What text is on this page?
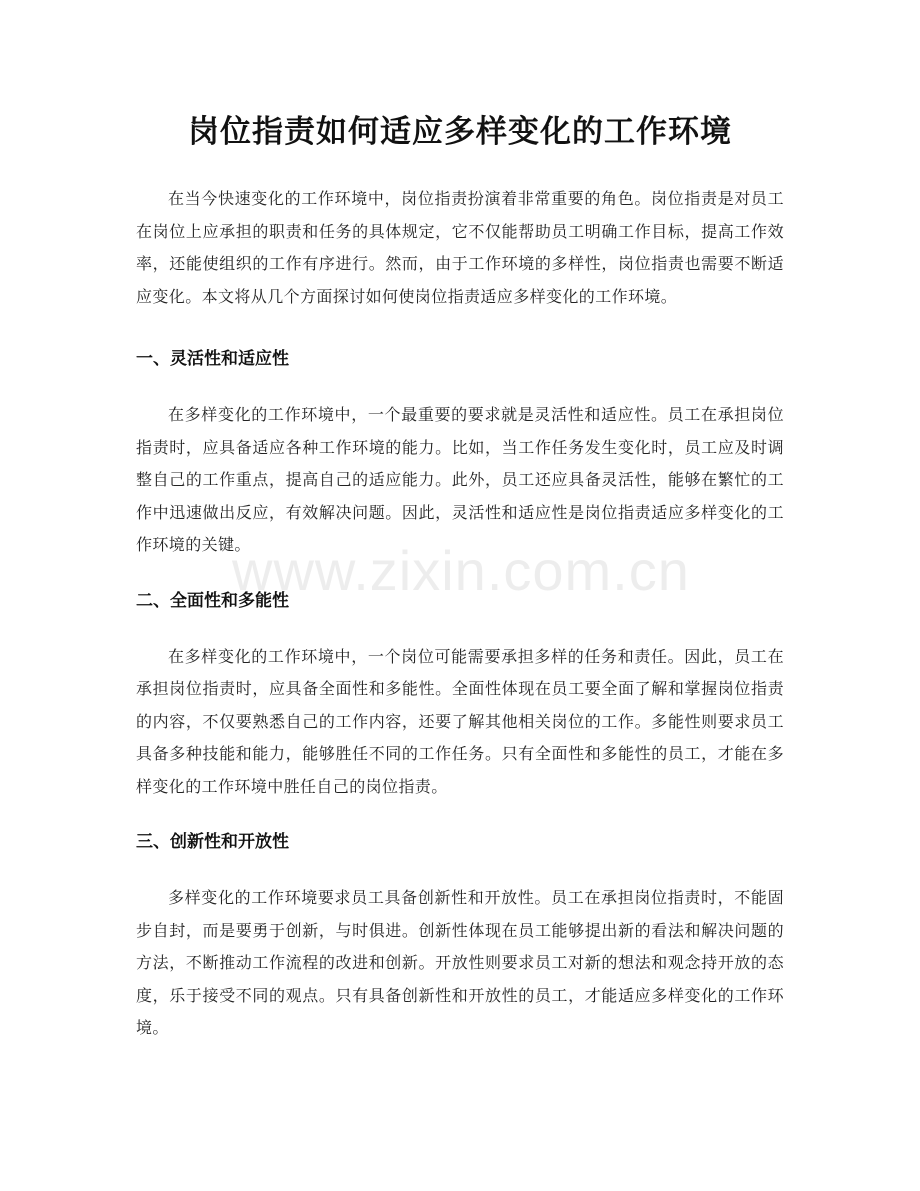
岗位指责如何适应多样变化的工作环境

在当今快速变化的工作环境中，岗位指责扮演着非常重要的角色。岗位指责是对员工在岗位上应承担的职责和任务的具体规定，它不仅能帮助员工明确工作目标，提高工作效率，还能使组织的工作有序进行。然而，由于工作环境的多样性，岗位指责也需要不断适应变化。本文将从几个方面探讨如何使岗位指责适应多样变化的工作环境。

一、灵活性和适应性

在多样变化的工作环境中，一个最重要的要求就是灵活性和适应性。员工在承担岗位指责时，应具备适应各种工作环境的能力。比如，当工作任务发生变化时，员工应及时调整自己的工作重点，提高自己的适应能力。此外，员工还应具备灵活性，能够在繁忙的工作中迅速做出反应，有效解决问题。因此，灵活性和适应性是岗位指责适应多样变化的工作环境的关键。

二、全面性和多能性

在多样变化的工作环境中，一个岗位可能需要承担多样的任务和责任。因此，员工在承担岗位指责时，应具备全面性和多能性。全面性体现在员工要全面了解和掌握岗位指责的内容，不仅要熟悉自己的工作内容，还要了解其他相关岗位的工作。多能性则要求员工具备多种技能和能力，能够胜任不同的工作任务。只有全面性和多能性的员工，才能在多样变化的工作环境中胜任自己的岗位指责。

三、创新性和开放性

多样变化的工作环境要求员工具备创新性和开放性。员工在承担岗位指责时，不能固步自封，而是要勇于创新，与时俱进。创新性体现在员工能够提出新的看法和解决问题的方法，不断推动工作流程的改进和创新。开放性则要求员工对新的想法和观念持开放的态度，乐于接受不同的观点。只有具备创新性和开放性的员工，才能适应多样变化的工作环境。

www.zixin.com.cn
